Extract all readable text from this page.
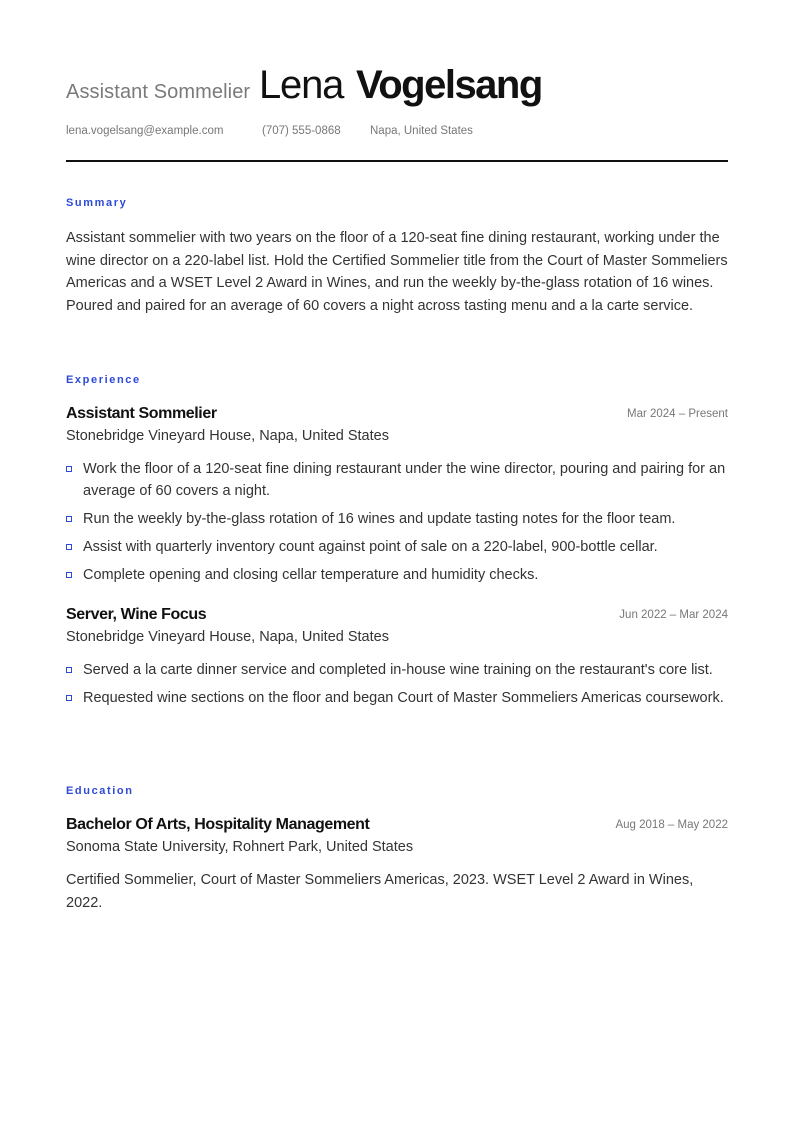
Assistant Sommelier Lena Vogelsang
lena.vogelsang@example.com	(707) 555-0868	Napa, United States
Summary
Assistant sommelier with two years on the floor of a 120-seat fine dining restaurant, working under the wine director on a 220-label list. Hold the Certified Sommelier title from the Court of Master Sommeliers Americas and a WSET Level 2 Award in Wines, and run the weekly by-the-glass rotation of 16 wines. Poured and paired for an average of 60 covers a night across tasting menu and a la carte service.
Experience
Assistant Sommelier	Mar 2024 – Present
Stonebridge Vineyard House, Napa, United States
Work the floor of a 120-seat fine dining restaurant under the wine director, pouring and pairing for an average of 60 covers a night.
Run the weekly by-the-glass rotation of 16 wines and update tasting notes for the floor team.
Assist with quarterly inventory count against point of sale on a 220-label, 900-bottle cellar.
Complete opening and closing cellar temperature and humidity checks.
Server, Wine Focus	Jun 2022 – Mar 2024
Stonebridge Vineyard House, Napa, United States
Served a la carte dinner service and completed in-house wine training on the restaurant's core list.
Requested wine sections on the floor and began Court of Master Sommeliers Americas coursework.
Education
Bachelor Of Arts, Hospitality Management	Aug 2018 – May 2022
Sonoma State University, Rohnert Park, United States
Certified Sommelier, Court of Master Sommeliers Americas, 2023. WSET Level 2 Award in Wines, 2022.
